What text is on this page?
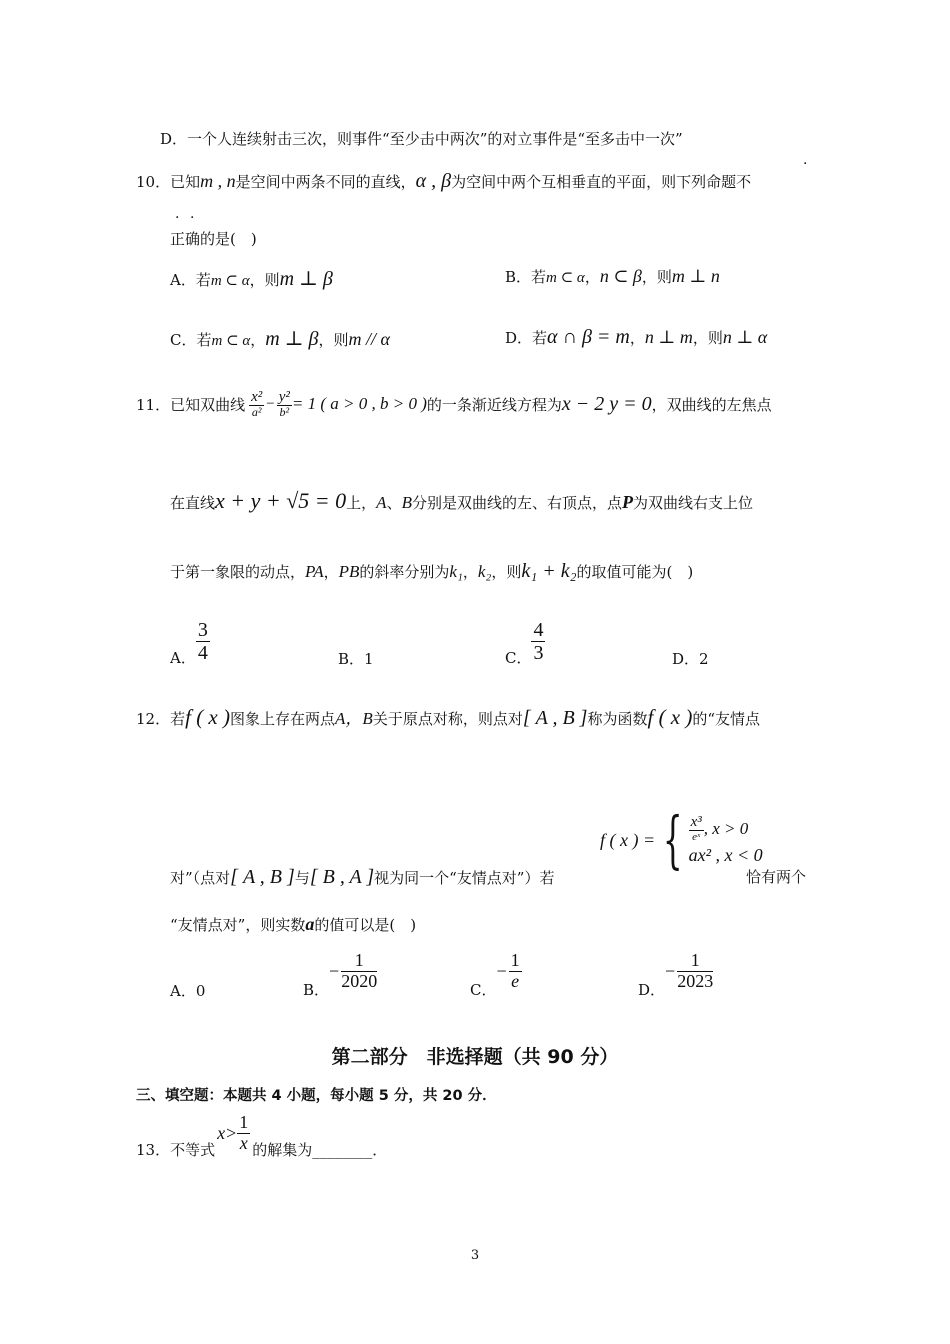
D．一个人连续射击三次，则事件“至少击中两次”的对立事件是“至多击中一次”
10．已知m , n是空间中两条不同的直线，α , β为空间中两个互相垂直的平面，则下列命题不
·
· ·
正确的是(　)
A．若m ⊂ α，则m ⊥ β	B．若m ⊂ α，n ⊂ β，则m ⊥ n
C．若m ⊂ α，m ⊥ β，则m // α	D．若α ∩ β = m，n ⊥ m，则n ⊥ α
11． 已知双曲线 $\frac{\text{x²}}{\text{a²}} - \frac{\text{y²}}{\text{b²}} = 1$ ( a > 0 , b > 0 ) 的一条渐近线方程为 x − 2 y = 0 ，双曲线的左焦点
在直线x + y + √5 = 0上，A、B分别是双曲线的左、右顶点，点P为双曲线右支上位
于第一象限的动点，PA，PB的斜率分别为k₁，k₂，则k₁ + k₂的取值可能为(　)
A． $\frac{3}{4}$	B．1	C． $\frac{4}{3}$	D．2
12．若f ( x )图象上存在两点A，B关于原点对称，则点对[ A , B ]称为函数f ( x )的“友情点
f ( x ) = { $\frac{\text{x³}}{\text{eˣ}}$ , x > 0
ax² , x < 0
对”（点对[ A , B ]与[ B , A ]视为同一个“友情点对”）若	恰有两个
“友情点对”，则实数a的值可以是(　)
A．0	B．
− $\frac{1}{2020}$	C．
− $\frac{1}{e}$	D．
− $\frac{1}{2023}$
第二部分　非选择题（共 90 分）
三、填空题：本题共 4 小题，每小题 5 分，共 20 分．
13． 不等式
$x > \frac{1}{x}$ 的解集为________．
3
